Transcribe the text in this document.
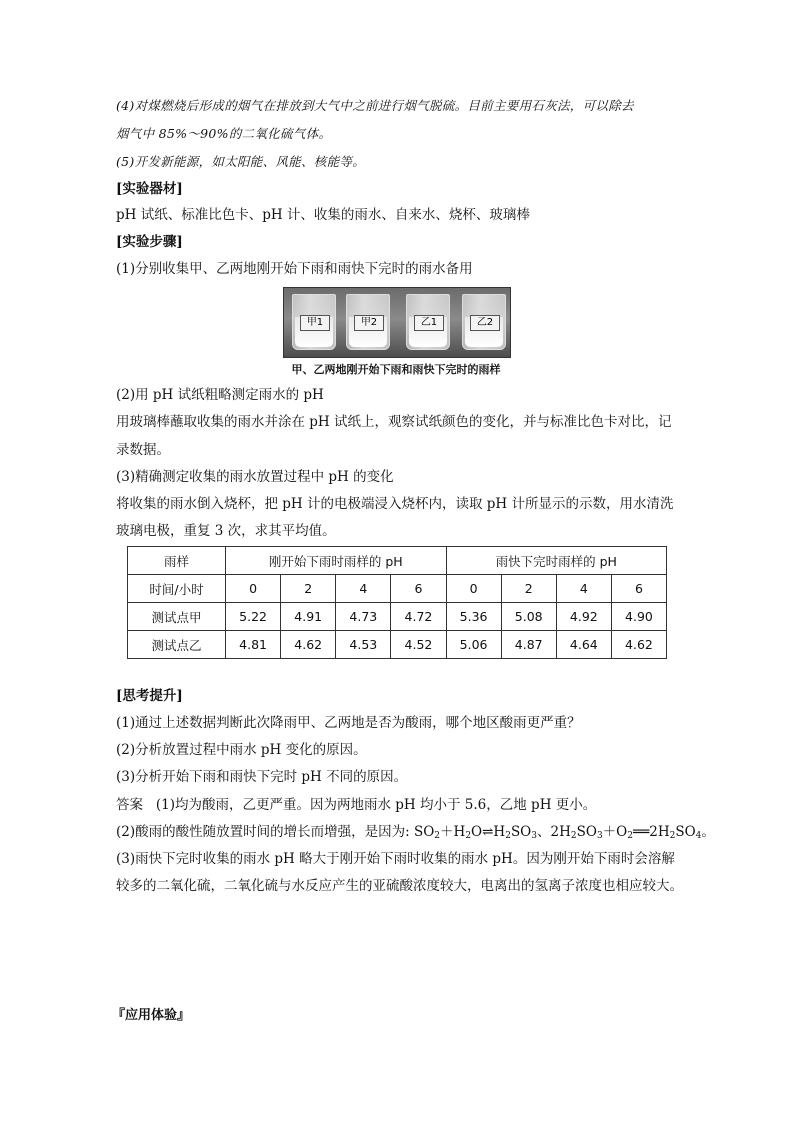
(4)对煤燃烧后形成的烟气在排放到大气中之前进行烟气脱硫。目前主要用石灰法，可以除去
烟气中 85%～90%的二氧化硫气体。
(5)开发新能源，如太阳能、风能、核能等。
[实验器材]
pH 试纸、标准比色卡、pH 计、收集的雨水、自来水、烧杯、玻璃棒
[实验步骤]
(1)分别收集甲、乙两地刚开始下雨和雨快下完时的雨水备用
甲1	甲2	乙1	乙2
甲、乙两地刚开始下雨和雨快下完时的雨样
(2)用 pH 试纸粗略测定雨水的 pH
用玻璃棒蘸取收集的雨水并涂在 pH 试纸上，观察试纸颜色的变化，并与标准比色卡对比，记
录数据。
(3)精确测定收集的雨水放置过程中 pH 的变化
将收集的雨水倒入烧杯，把 pH 计的电极端浸入烧杯内，读取 pH 计所显示的示数，用水清洗
玻璃电极，重复 3 次，求其平均值。
雨样	刚开始下雨时雨样的 pH				雨快下完时雨样的 pH			
时间/小时	0	2	4	6	0	2	4	6
测试点甲	5.22	4.91	4.73	4.72	5.36	5.08	4.92	4.90
测试点乙	4.81	4.62	4.53	4.52	5.06	4.87	4.64	4.62
[思考提升]
(1)通过上述数据判断此次降雨甲、乙两地是否为酸雨，哪个地区酸雨更严重？
(2)分析放置过程中雨水 pH 变化的原因。
(3)分析开始下雨和雨快下完时 pH 不同的原因。
答案 (1)均为酸雨，乙更严重。因为两地雨水 pH 均小于 5.6，乙地 pH 更小。
(2)酸雨的酸性随放置时间的增长而增强，是因为: $SO_2+H_2O\rightleftharpoons H_2SO_3$、$2H_2SO_3+O_2══2H_2SO_4$。
(3)雨快下完时收集的雨水 pH 略大于刚开始下雨时收集的雨水 pH。因为刚开始下雨时会溶解
较多的二氧化硫，二氧化硫与水反应产生的亚硫酸浓度较大，电离出的氢离子浓度也相应较大。
『应用体验』
